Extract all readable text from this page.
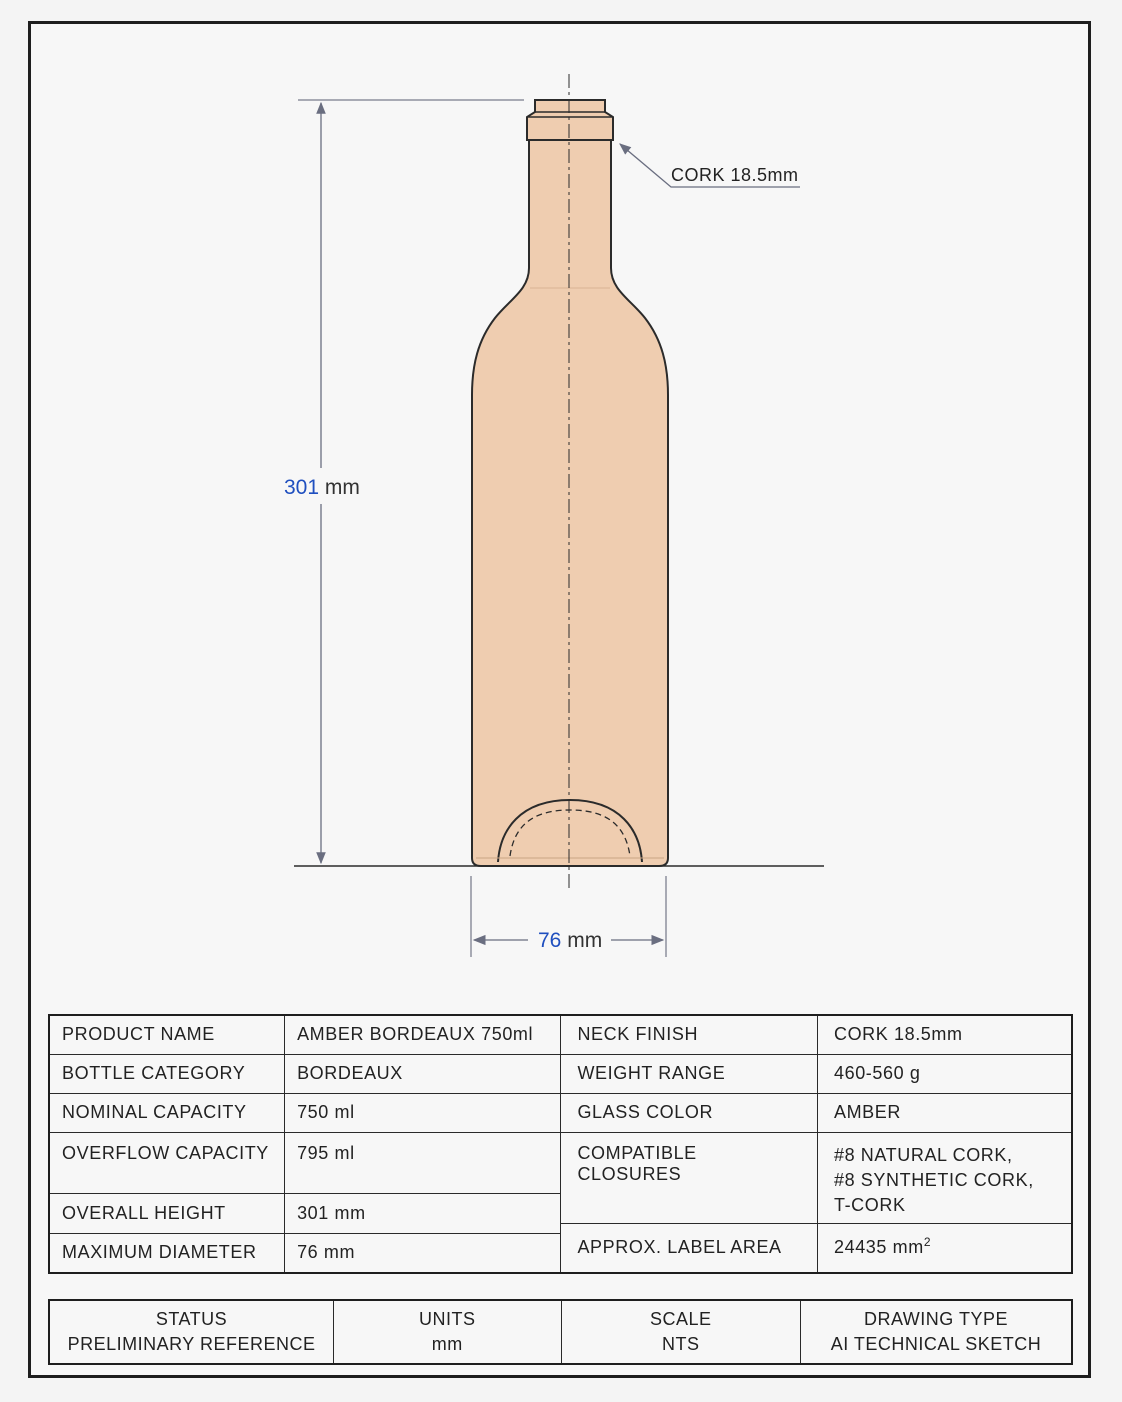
301 mm
76 mm
CORK 18.5mm
PRODUCT NAME	AMBER BORDEAUX 750ml	NECK FINISH	CORK 18.5mm
BOTTLE CATEGORY	BORDEAUX	WEIGHT RANGE	460-560 g
NOMINAL CAPACITY	750 ml	GLASS COLOR	AMBER
OVERFLOW CAPACITY	795 ml	COMPATIBLE CLOSURES	#8 NATURAL CORK,
#8 SYNTHETIC CORK,
T-CORK

OVERALL HEIGHT	301 mm		
		APPROX. LABEL AREA	24435 $mm^2$
MAXIMUM DIAMETER	76 mm		
STATUS
PRELIMINARY REFERENCE

UNITS
mm

SCALE
NTS

DRAWING TYPE
AI TECHNICAL SKETCH
